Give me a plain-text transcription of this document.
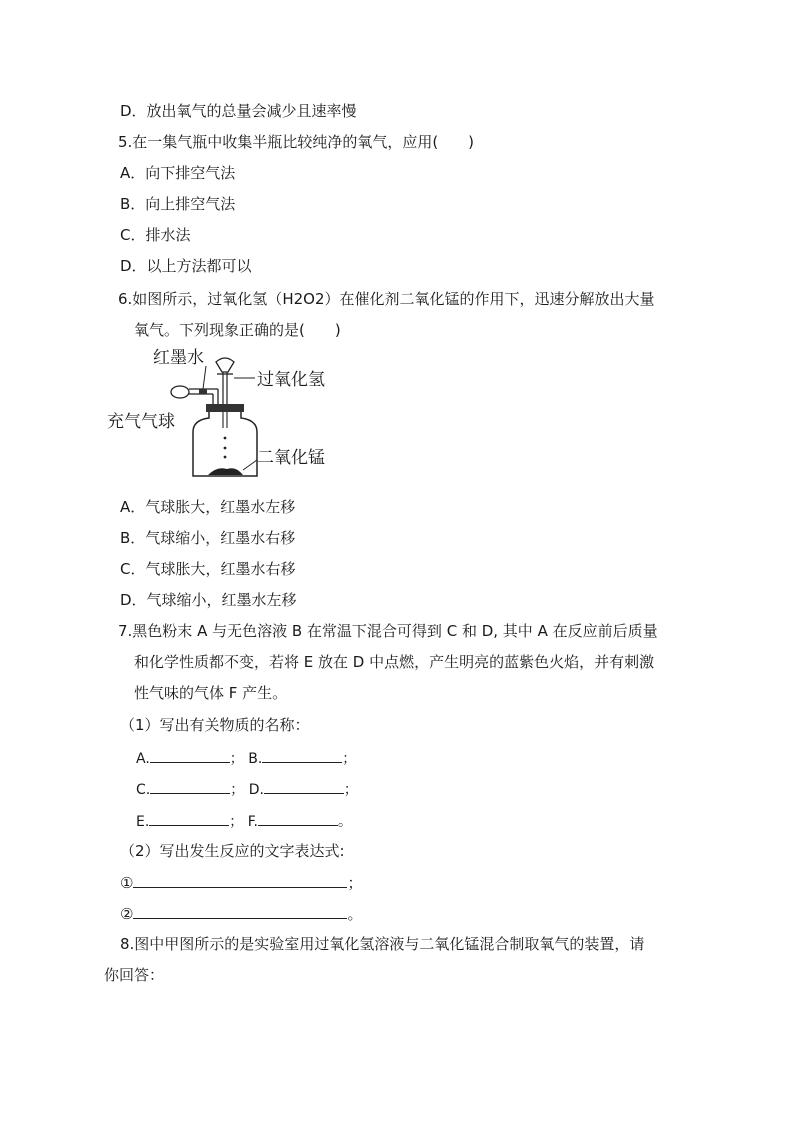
D．放出氧气的总量会减少且速率慢
5.在一集气瓶中收集半瓶比较纯净的氧气，应用(　　)
A．向下排空气法
B．向上排空气法
C．排水法
D．以上方法都可以
6.如图所示，过氧化氢（H2O2）在催化剂二氧化锰的作用下，迅速分解放出大量
氧气。下列现象正确的是(　　)
红墨水
过氧化氢
充气气球
二氧化锰
A．气球胀大，红墨水左移
B．气球缩小，红墨水右移
C．气球胀大，红墨水右移
D．气球缩小，红墨水左移
7.黑色粉末 A 与无色溶液 B 在常温下混合可得到 C 和 D, 其中 A 在反应前后质量
和化学性质都不变，若将 E 放在 D 中点燃，产生明亮的蓝紫色火焰，并有刺激
性气味的气体 F 产生。
（1）写出有关物质的名称：
A.	； B.	；
C.	； D.	；
E.	； F.	。
（2）写出发生反应的文字表达式:
①	；
②	。
8.图中甲图所示的是实验室用过氧化氢溶液与二氧化锰混合制取氧气的装置，请
你回答：
